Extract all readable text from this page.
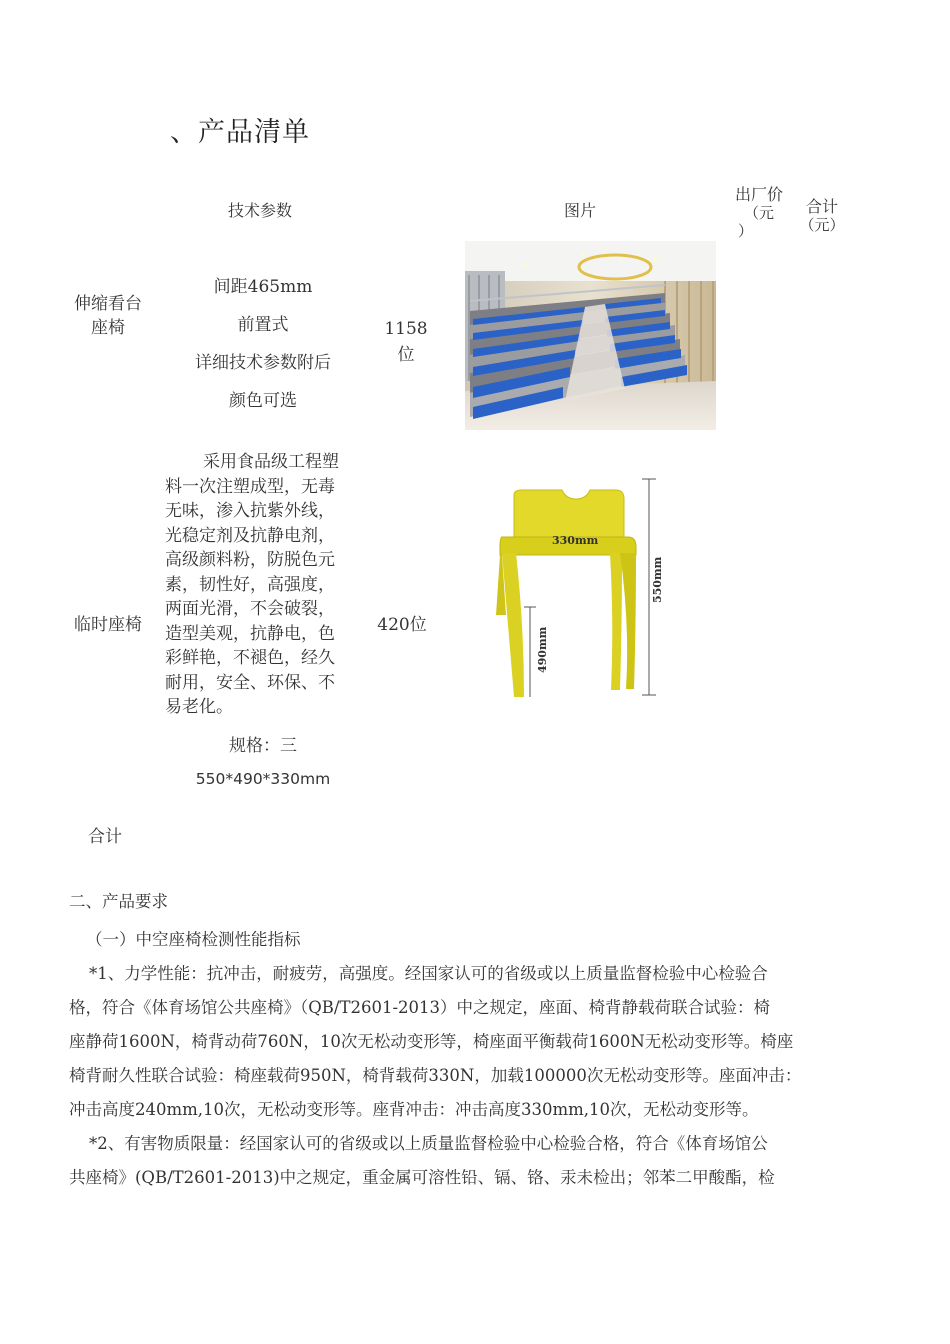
、产品清单
技术参数	图片
出厂价
（元
）
合计
（元）
伸缩看台
座椅
间距465mm
前置式
详细技术参数附后
颜色可选
1158
位
临时座椅
采用食品级工程塑
料一次注塑成型，无毒
无味，渗入抗紫外线，
光稳定剂及抗静电剂，
高级颜料粉，防脱色元
素，韧性好，高强度，
两面光滑，不会破裂，
造型美观，抗静电，色
彩鲜艳，不褪色，经久
耐用，安全、环保、不
易老化。
规格：三
550*490*330mm
420位
330mm
550mm
490mm
合计
二、产品要求
（一）中空座椅检测性能指标
*1、力学性能：抗冲击，耐疲劳，高强度。经国家认可的省级或以上质量监督检验中心检验合
格，符合《体育场馆公共座椅》（QB/T2601-2013）中之规定，座面、椅背静载荷联合试验：椅
座静荷1600N，椅背动荷760N，10次无松动变形等，椅座面平衡载荷1600N无松动变形等。椅座
椅背耐久性联合试验：椅座载荷950N，椅背载荷330N，加载100000次无松动变形等。座面冲击：
冲击高度240mm,10次，无松动变形等。座背冲击：冲击高度330mm,10次，无松动变形等。
*2、有害物质限量：经国家认可的省级或以上质量监督检验中心检验合格，符合《体育场馆公
共座椅》(QB/T2601-2013)中之规定，重金属可溶性铅、镉、铬、汞未检出；邻苯二甲酸酯，检
